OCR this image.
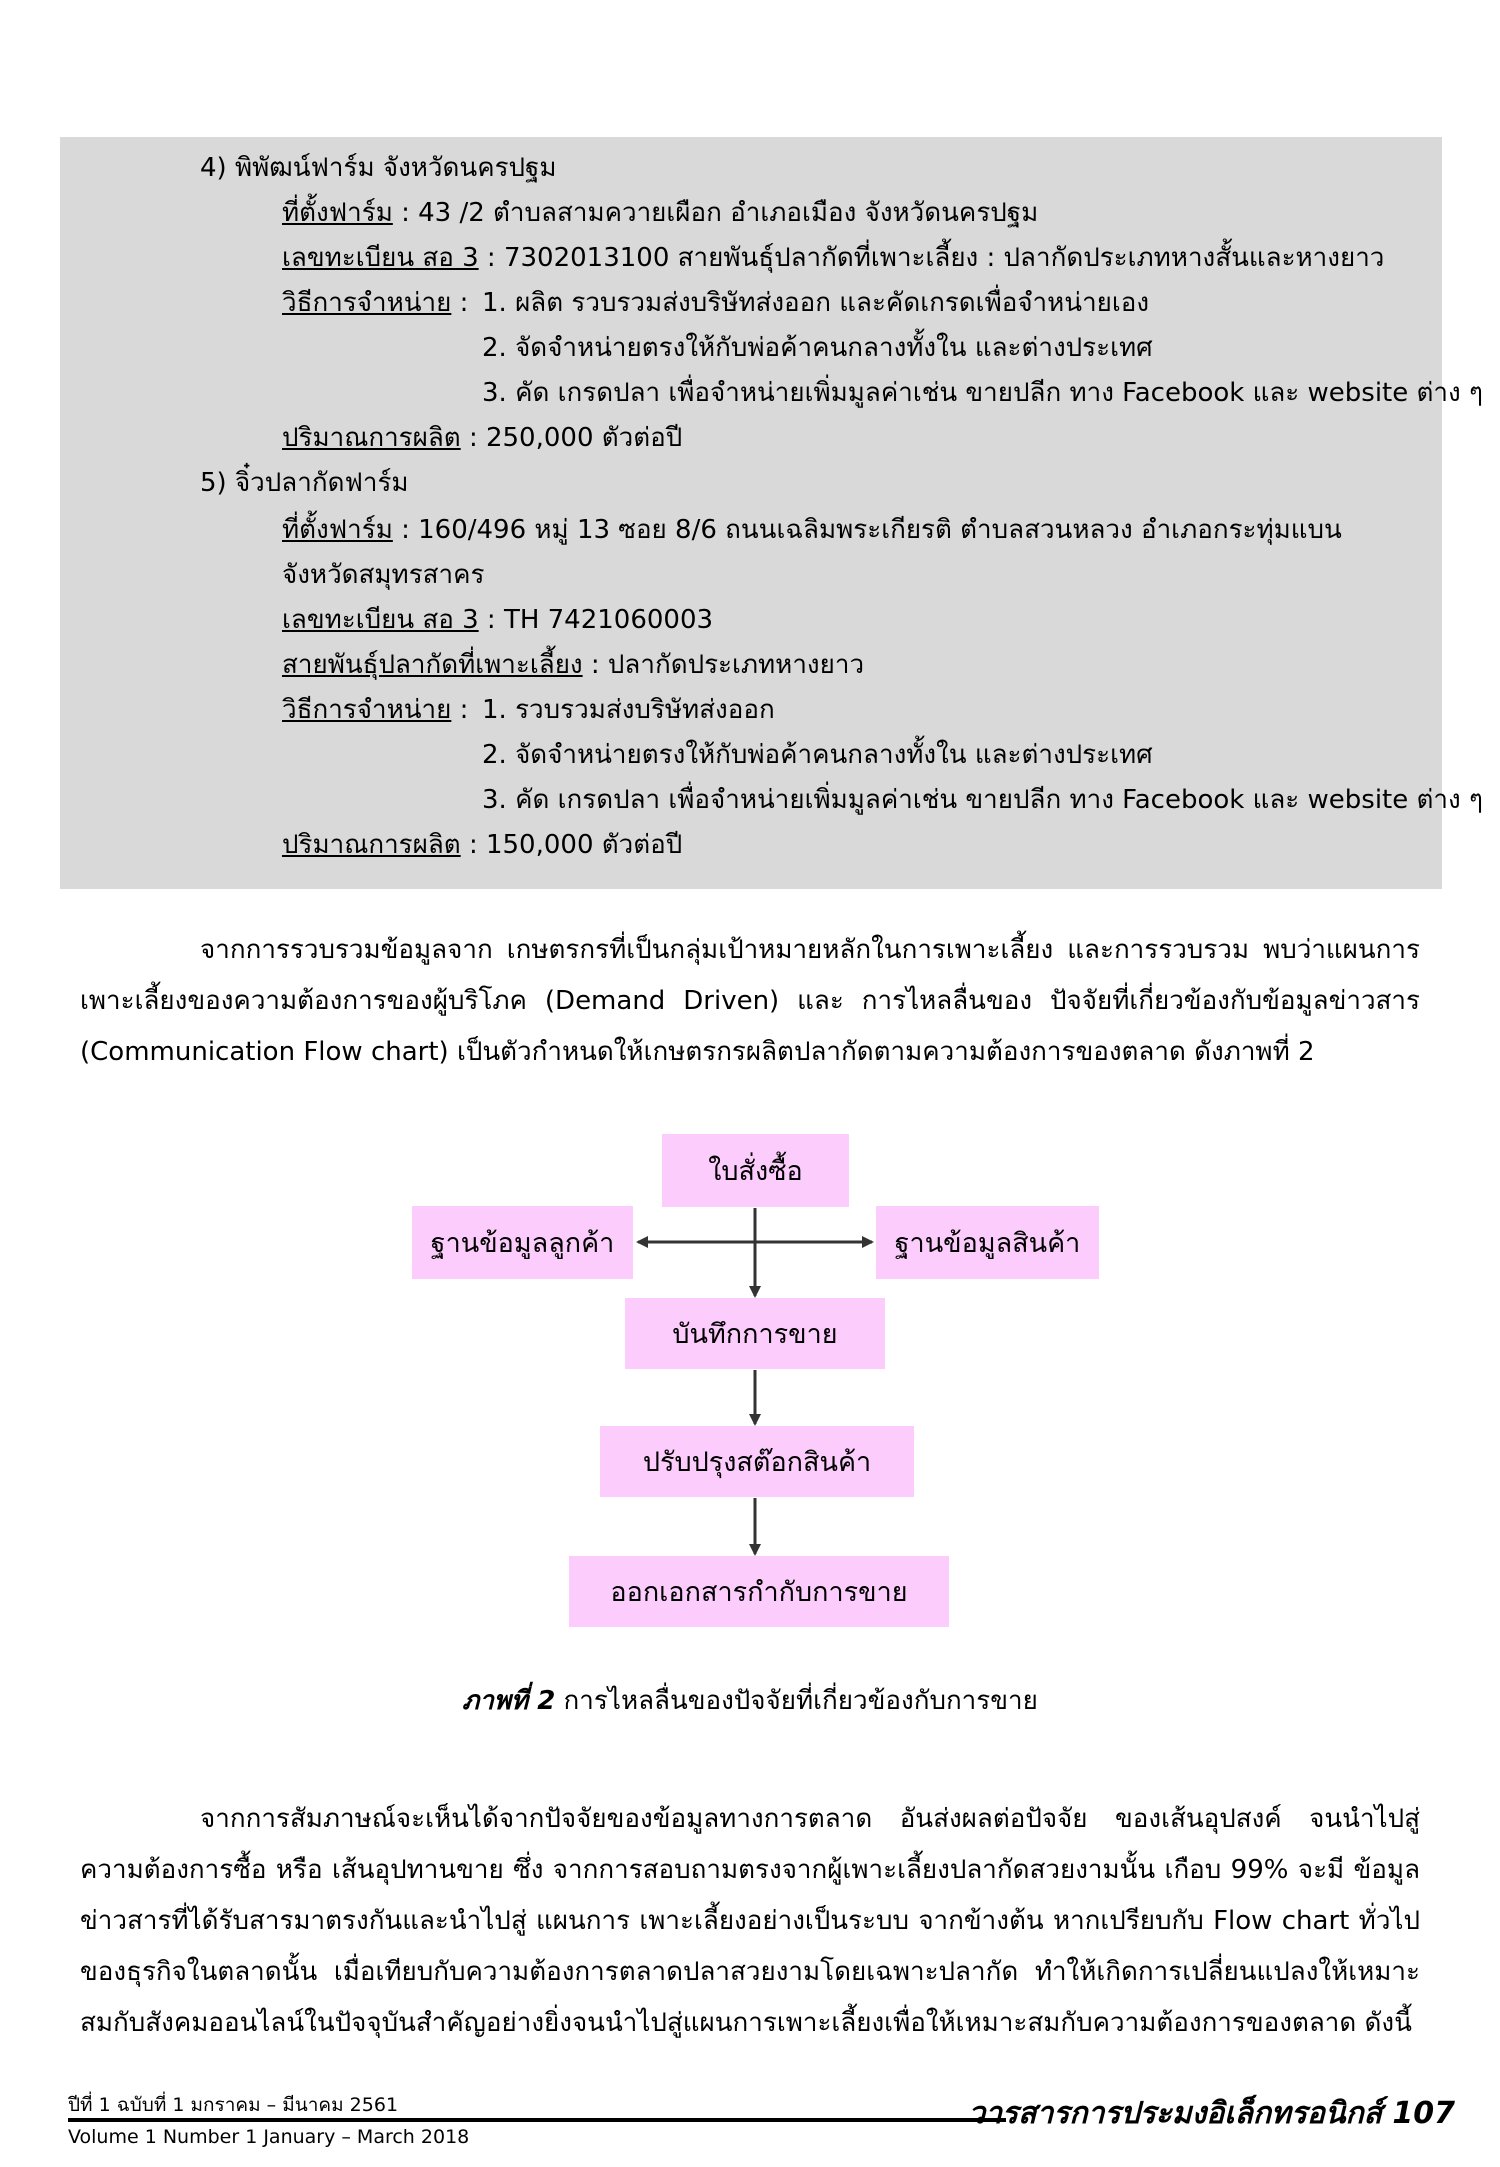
4) พิพัฒน์ฟาร์ม จังหวัดนครปฐม
ที่ตั้งฟาร์ม : 43 /2 ตำบลสามควายเผือก อำเภอเมือง จังหวัดนครปฐม
เลขทะเบียน สอ 3 : 7302013100 สายพันธุ์ปลากัดที่เพาะเลี้ยง : ปลากัดประเภทหางสั้นและหางยาว
วิธีการจำหน่าย : 1. ผลิต รวบรวมส่งบริษัทส่งออก และคัดเกรดเพื่อจำหน่ายเอง
2. จัดจำหน่ายตรงให้กับพ่อค้าคนกลางทั้งใน และต่างประเทศ
3. คัด เกรดปลา เพื่อจำหน่ายเพิ่มมูลค่าเช่น ขายปลีก ทาง Facebook และ website ต่าง ๆ
ปริมาณการผลิต : 250,000 ตัวต่อปี
5) จิ๋วปลากัดฟาร์ม
ที่ตั้งฟาร์ม : 160/496 หมู่ 13 ซอย 8/6 ถนนเฉลิมพระเกียรติ ตำบลสวนหลวง อำเภอกระทุ่มแบน
จังหวัดสมุทรสาคร
เลขทะเบียน สอ 3 : TH 7421060003
สายพันธุ์ปลากัดที่เพาะเลี้ยง : ปลากัดประเภทหางยาว
วิธีการจำหน่าย : 1. รวบรวมส่งบริษัทส่งออก
2. จัดจำหน่ายตรงให้กับพ่อค้าคนกลางทั้งใน และต่างประเทศ
3. คัด เกรดปลา เพื่อจำหน่ายเพิ่มมูลค่าเช่น ขายปลีก ทาง Facebook และ website ต่าง ๆ
ปริมาณการผลิต : 150,000 ตัวต่อปี
จากการรวบรวมข้อมูลจาก เกษตรกรที่เป็นกลุ่มเป้าหมายหลักในการเพาะเลี้ยง และการรวบรวม พบว่าแผนการเพาะเลี้ยงของความต้องการของผู้บริโภค (Demand Driven) และ การไหลลื่นของ ปัจจัยที่เกี่ยวข้องกับข้อมูลข่าวสาร (Communication Flow chart) เป็นตัวกำหนดให้เกษตรกรผลิตปลากัดตามความต้องการของตลาด ดังภาพที่ 2
ใบสั่งซื้อ
ฐานข้อมูลลูกค้า	ฐานข้อมูลสินค้า
บันทึกการขาย
ปรับปรุงสต๊อกสินค้า
ออกเอกสารกำกับการขาย
ภาพที่ 2 การไหลลื่นของปัจจัยที่เกี่ยวข้องกับการขาย
จากการสัมภาษณ์จะเห็นได้จากปัจจัยของข้อมูลทางการตลาด อันส่งผลต่อปัจจัย ของเส้นอุปสงค์ จนนำไปสู่ ความต้องการซื้อ หรือ เส้นอุปทานขาย ซึ่ง จากการสอบถามตรงจากผู้เพาะเลี้ยงปลากัดสวยงามนั้น เกือบ 99% จะมี ข้อมูลข่าวสารที่ได้รับสารมาตรงกันและนำไปสู่ แผนการ เพาะเลี้ยงอย่างเป็นระบบ จากข้างต้น หากเปรียบกับ Flow chart ทั่วไปของธุรกิจในตลาดนั้น เมื่อเทียบกับความต้องการตลาดปลาสวยงามโดยเฉพาะปลากัด ทำให้เกิดการเปลี่ยนแปลงให้เหมาะสมกับสังคมออนไลน์ในปัจจุบันสำคัญอย่างยิ่งจนนำไปสู่แผนการเพาะเลี้ยงเพื่อให้เหมาะสมกับความต้องการของตลาด ดังนี้
ปีที่ 1 ฉบับที่ 1 มกราคม – มีนาคม 2561
Volume 1 Number 1 January – March 2018
วารสารการประมงอิเล็กทรอนิกส์ 107
